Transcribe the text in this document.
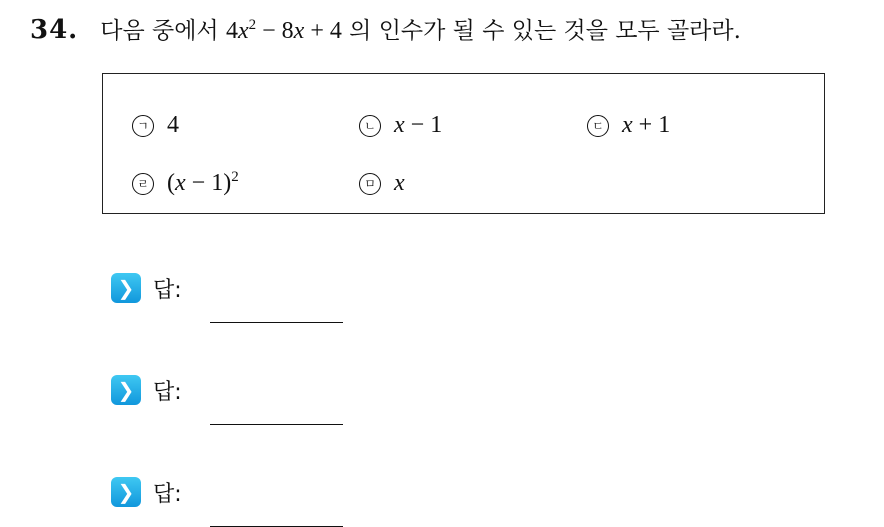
34. 다음 중에서 $4x^2 - 8x + 4$ 의 인수가 될 수 있는 것을 모두 골라라.
ㄱ 4	ㄴ x − 1	ㄷ x + 1
ㄹ $(x - 1)^2$	ㅁ x
❯ 답:
❯ 답:
❯ 답:
